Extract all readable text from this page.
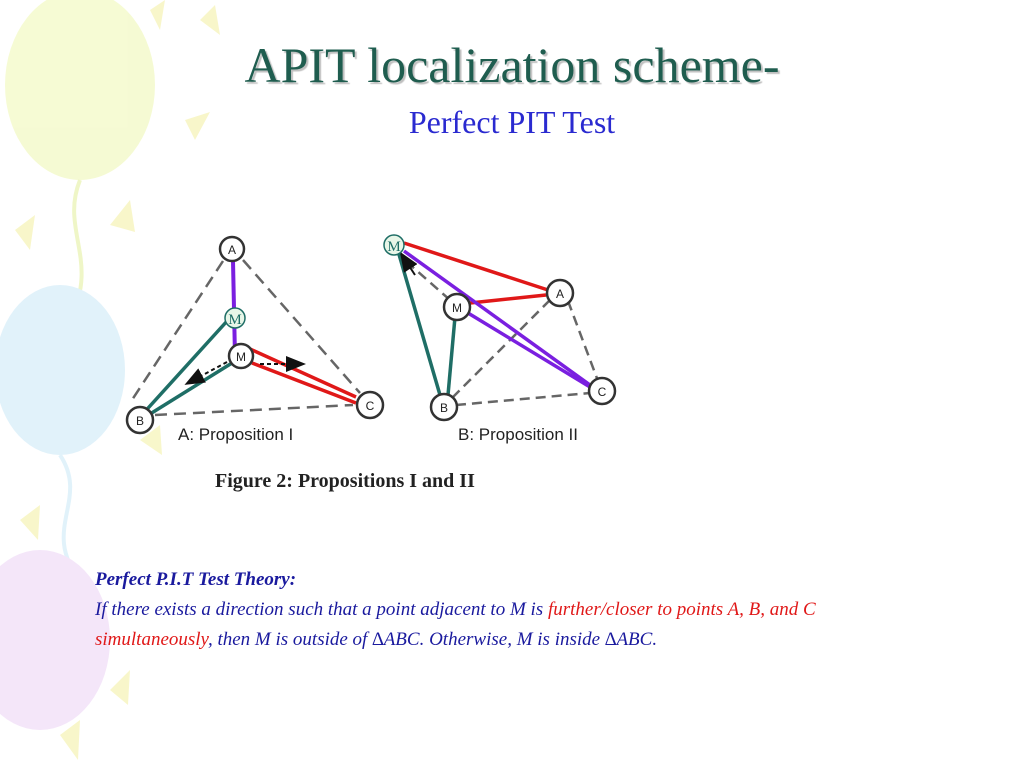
APIT localization scheme-
Perfect PIT Test
A
M
B
C
M
A: Proposition I
A
M
B
C
M
B: Proposition II
Figure 2: Propositions I and II
Perfect P.I.T Test Theory:
If there exists a direction such that a point adjacent to M is further/closer to points A, B, and C simultaneously, then M is outside of ∆ABC. Otherwise, M is inside ∆ABC.
